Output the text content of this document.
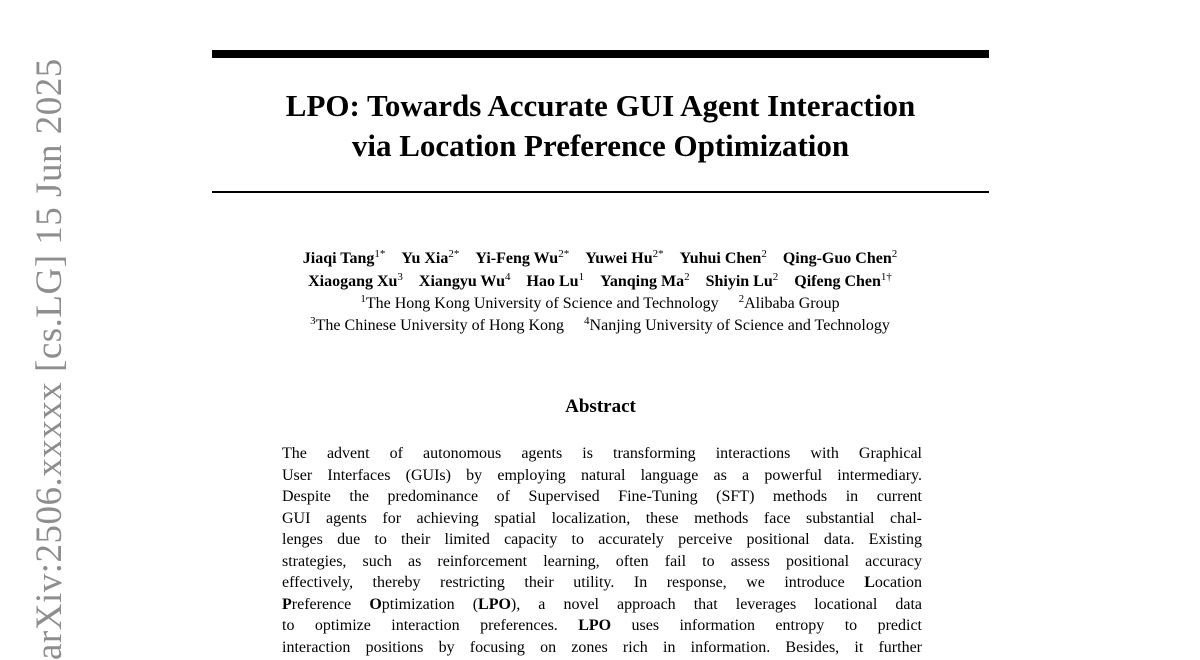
LPO: Towards Accurate GUI Agent Interaction
via Location Preference Optimization
Jiaqi Tang$^{1*}$ Yu Xia$^{2*}$ Yi-Feng $Wu^{2*}$ Yuwei $Hu^{2*}$ Yuhui Chen$^2$ Qing-Guo Chen$^2$
Xiaogang Xu$^3$ Xiangyu Wu$^4$ Hao Lu$^1$ Yanqing Ma$^2$ Shiyin Lu$^2$ Qifeng Chen$^{1\dagger}$
$^1$The Hong Kong University of Science and Technology $^2$Alibaba Group
$^3$The Chinese University of Hong Kong $^4$Nanjing University of Science and Technology
Abstract
The advent of autonomous agents is transforming interactions with Graphical
User Interfaces (GUIs) by employing natural language as a powerful intermediary.
Despite the predominance of Supervised Fine-Tuning (SFT) methods in current
GUI agents for achieving spatial localization, these methods face substantial chal-
lenges due to their limited capacity to accurately perceive positional data. Existing
strategies, such as reinforcement learning, often fail to assess positional accuracy
effectively, thereby restricting their utility. In response, we introduce Location
Preference Optimization (LPO), a novel approach that leverages locational data
to optimize interaction preferences. LPO uses information entropy to predict
interaction positions by focusing on zones rich in information. Besides, it further
arXiv:2506.xxxxx [cs.LG] 15 Jun 2025
